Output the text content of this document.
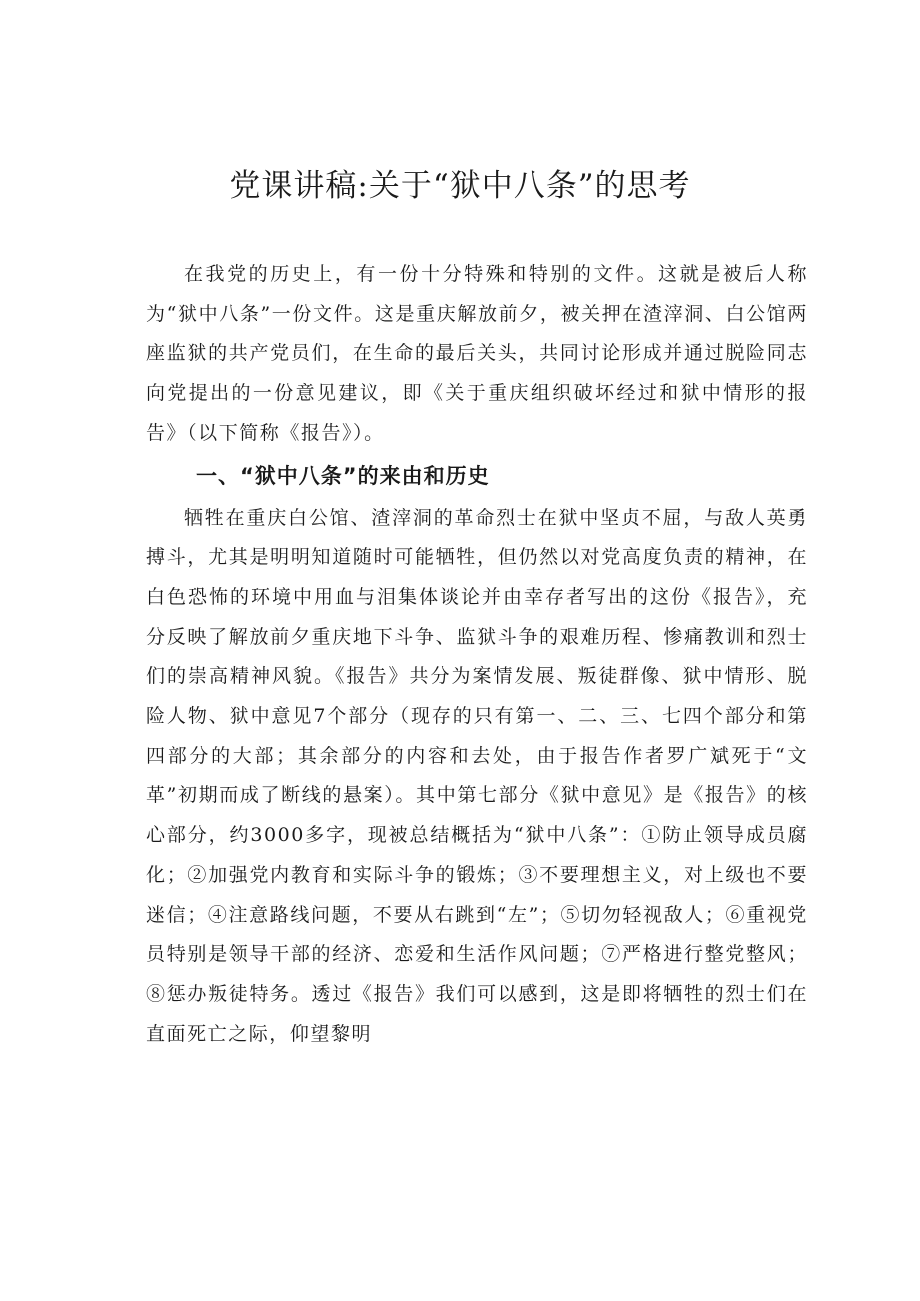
党课讲稿:关于“狱中八条”的思考

在我党的历史上，有一份十分特殊和特别的文件。这就是被后人称为“狱中八条”一份文件。这是重庆解放前夕，被关押在渣滓洞、白公馆两座监狱的共产党员们，在生命的最后关头，共同讨论形成并通过脱险同志向党提出的一份意见建议，即《关于重庆组织破坏经过和狱中情形的报告》（以下简称《报告》）。

一、“狱中八条”的来由和历史

牺牲在重庆白公馆、渣滓洞的革命烈士在狱中坚贞不屈，与敌人英勇搏斗，尤其是明明知道随时可能牺牲，但仍然以对党高度负责的精神，在白色恐怖的环境中用血与泪集体谈论并由幸存者写出的这份《报告》，充分反映了解放前夕重庆地下斗争、监狱斗争的艰难历程、惨痛教训和烈士们的崇高精神风貌。《报告》共分为案情发展、叛徒群像、狱中情形、脱险人物、狱中意见7个部分（现存的只有第一、二、三、七四个部分和第四部分的大部；其余部分的内容和去处，由于报告作者罗广斌死于“文革”初期而成了断线的悬案）。其中第七部分《狱中意见》是《报告》的核心部分，约3000多字，现被总结概括为“狱中八条”：①防止领导成员腐化；②加强党内教育和实际斗争的锻炼；③不要理想主义，对上级也不要迷信；④注意路线问题，不要从右跳到“左”；⑤切勿轻视敌人；⑥重视党员特别是领导干部的经济、恋爱和生活作风问题；⑦严格进行整党整风；⑧惩办叛徒特务。透过《报告》我们可以感到，这是即将牺牲的烈士们在直面死亡之际，仰望黎明
